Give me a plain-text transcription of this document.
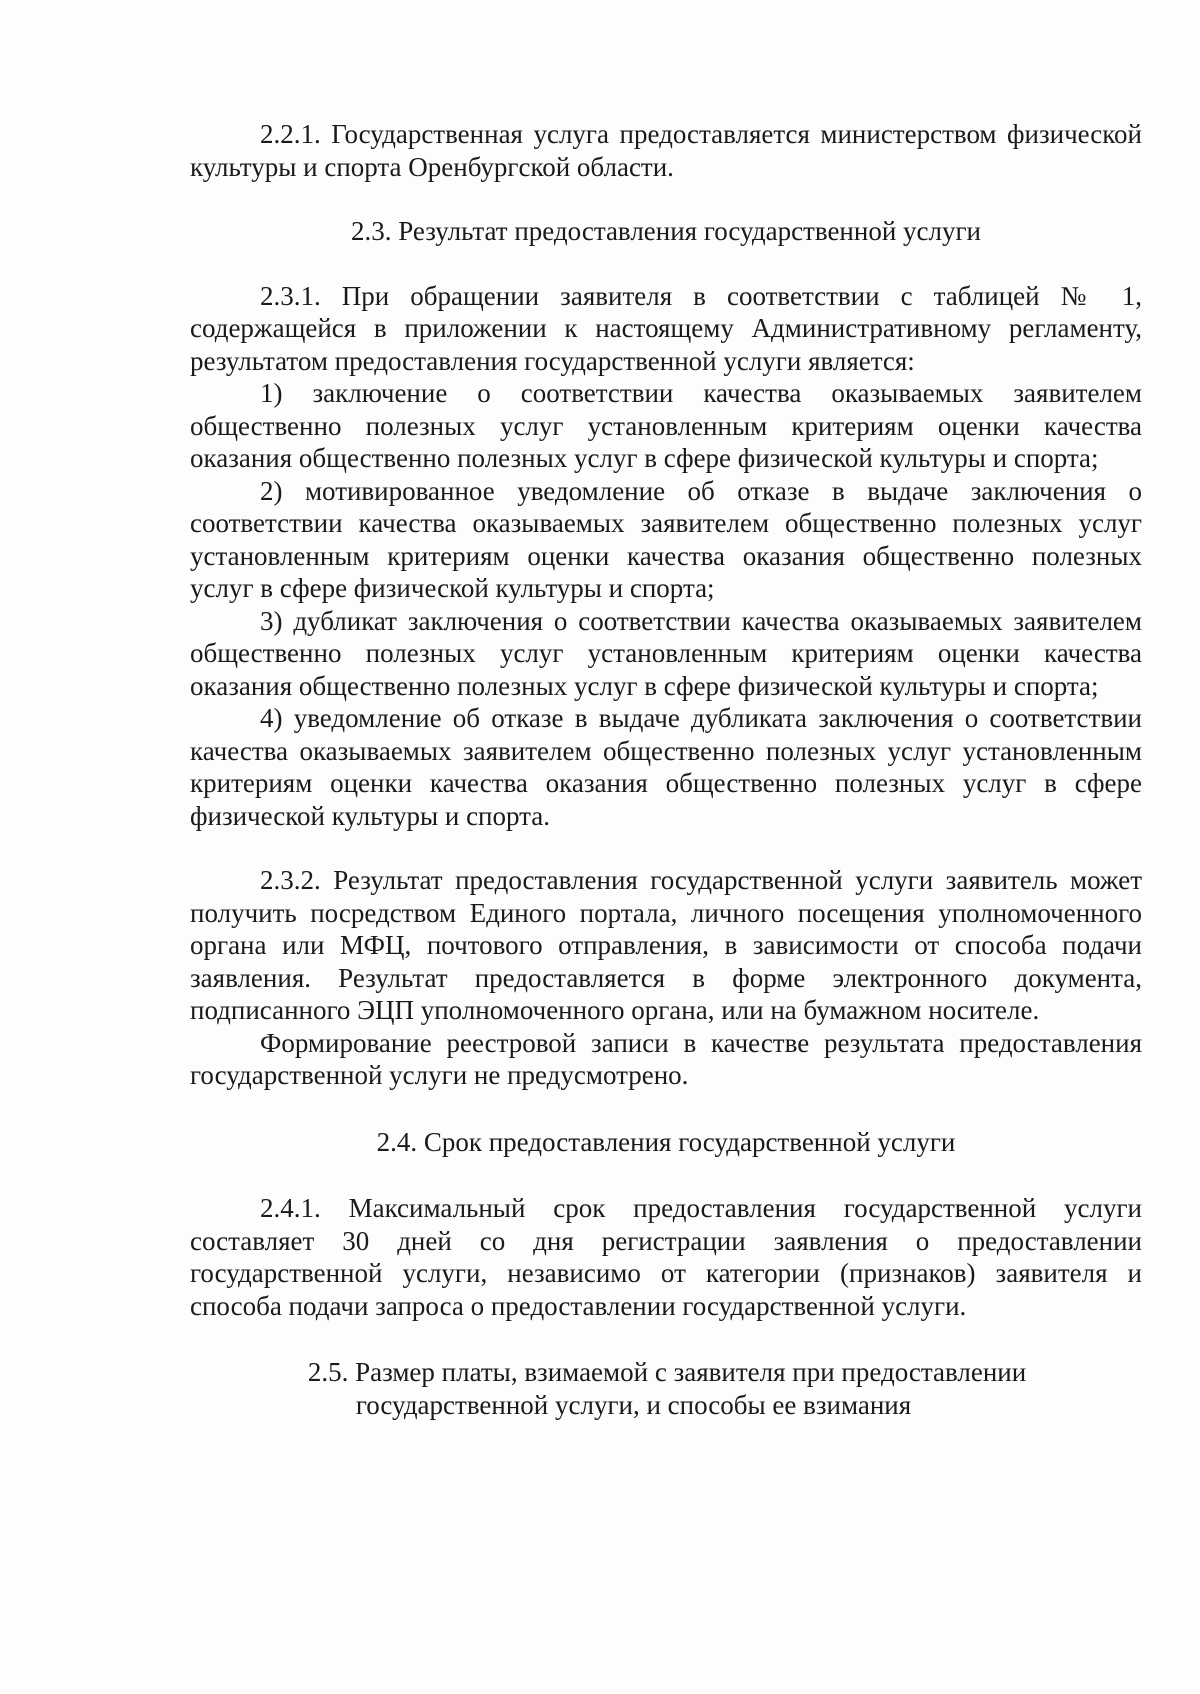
2.2.1. Государственная услуга предоставляется министерством физической культуры и спорта Оренбургской области.

2.3. Результат предоставления государственной услуги

2.3.1. При обращении заявителя в соответствии с таблицей № 1, содержащейся в приложении к настоящему Административному регламенту, результатом предоставления государственной услуги является:

1) заключение о соответствии качества оказываемых заявителем общественно полезных услуг установленным критериям оценки качества оказания общественно полезных услуг в сфере физической культуры и спорта;

2) мотивированное уведомление об отказе в выдаче заключения о соответствии качества оказываемых заявителем общественно полезных услуг установленным критериям оценки качества оказания общественно полезных услуг в сфере физической культуры и спорта;

3) дубликат заключения о соответствии качества оказываемых заявителем общественно полезных услуг установленным критериям оценки качества оказания общественно полезных услуг в сфере физической культуры и спорта;

4) уведомление об отказе в выдаче дубликата заключения о соответствии качества оказываемых заявителем общественно полезных услуг установленным критериям оценки качества оказания общественно полезных услуг в сфере физической культуры и спорта.

2.3.2. Результат предоставления государственной услуги заявитель может получить посредством Единого портала, личного посещения уполномоченного органа или МФЦ, почтового отправления, в зависимости от способа подачи заявления. Результат предоставляется в форме электронного документа, подписанного ЭЦП уполномоченного органа, или на бумажном носителе.

Формирование реестровой записи в качестве результата предоставления государственной услуги не предусмотрено.

2.4. Срок предоставления государственной услуги

2.4.1. Максимальный срок предоставления государственной услуги составляет 30 дней со дня регистрации заявления о предоставлении государственной услуги, независимо от категории (признаков) заявителя и способа подачи запроса о предоставлении государственной услуги.

2.5. Размер платы, взимаемой с заявителя при предоставлении
государственной услуги, и способы ее взимания
